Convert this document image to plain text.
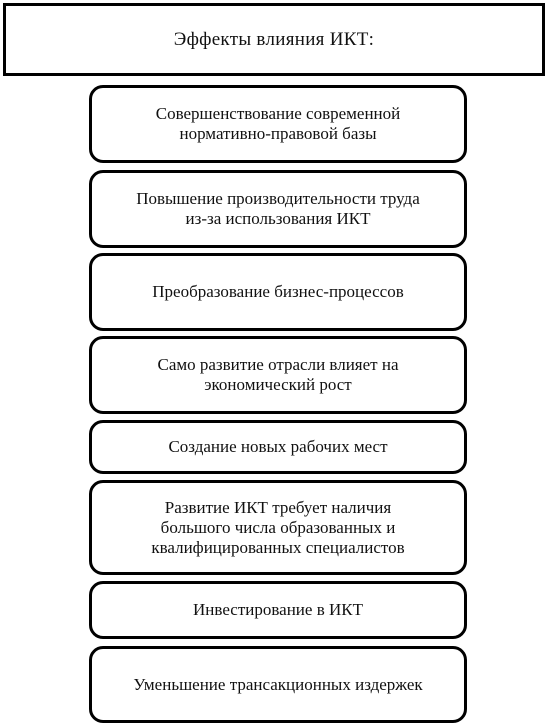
Эффекты влияния ИКТ:
Совершенствование современной
нормативно-правовой базы
Повышение производительности труда
из-за использования ИКТ
Преобразование бизнес-процессов
Само развитие отрасли влияет на
экономический рост
Создание новых рабочих мест
Развитие ИКТ требует наличия
большого числа образованных и
квалифицированных специалистов
Инвестирование в ИКТ
Уменьшение трансакционных издержек
